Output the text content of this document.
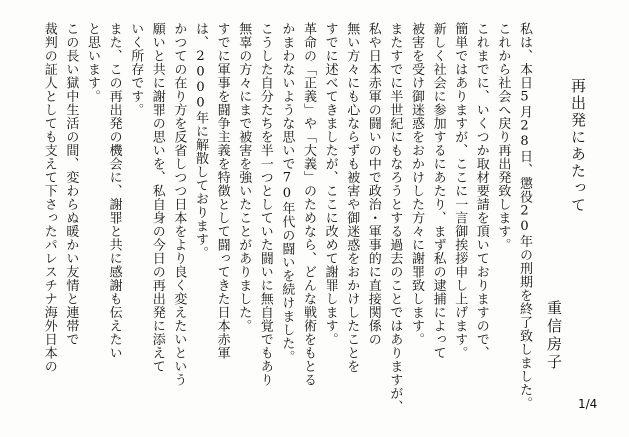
再出発にあたって
重信房子
1/4
私は、本日5月28日、懲役20年の刑期を終了致しました。
これから社会へ戻り再出発致します。
これまでに、いくつか取材要請を頂いておりますので、
簡単ではありますが、ここに一言御挨拶申し上げます。
新しく社会に参加するにあたり、まず私の逮捕によって
被害を受け御迷惑をおかけした方々に謝罪致します。
またすでに半世紀にもなろうとする過去のことではありますが、
私や日本赤軍の闘いの中で政治・軍事的に直接関係の
無い方々にも心ならずも被害や御迷惑をおかけしたことを
すでに述べてきましたが、ここに改めて謝罪します。
革命の「正義」や「大義」のためなら、どんな戦術をもとる
かまわないような思いで70年代の闘いを続けました。
こうした自分たちを半一つとしていた闘いに無自覚でもあり
無辜の方々にまで被害を強いたことがありました。
すでに軍事を闘争主義を特徴として闘ってきた日本赤軍
は、2000年に解散しております。
かつての在り方を反省しつつ日本をより良く変えたいという
願いと共に謝罪の思いを、私自身の今日の再出発に添えて
いく所存です。
また、この再出発の機会に、謝罪と共に感謝も伝えたい
と思います。
この長い獄中生活の間、変わらぬ暖かい友情と連帯で
裁判の証人としても支えて下さったパレスチナ海外日本の
